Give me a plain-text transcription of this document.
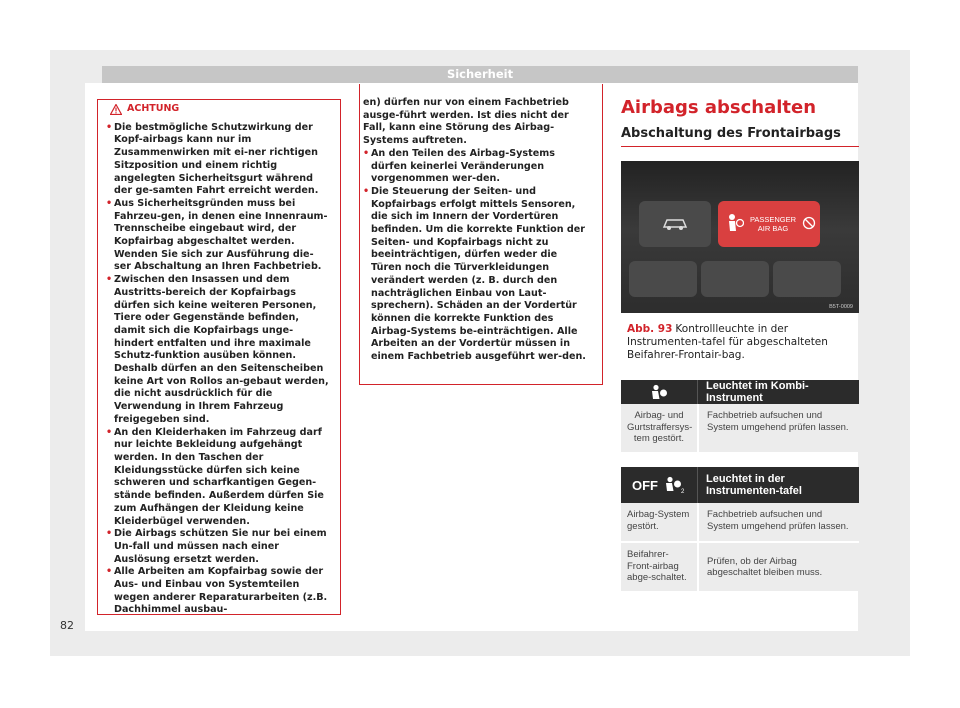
Sicherheit
ACHTUNG
• Die bestmögliche Schutzwirkung der Kopf-airbags kann nur im Zusammenwirken mit ei-ner richtigen Sitzposition und einem richtig angelegten Sicherheitsgurt während der ge-samten Fahrt erreicht werden.
• Aus Sicherheitsgründen muss bei Fahrzeu-gen, in denen eine Innenraum-Trennscheibe eingebaut wird, der Kopfairbag abgeschaltet werden. Wenden Sie sich zur Ausführung die-ser Abschaltung an Ihren Fachbetrieb.
• Zwischen den Insassen und dem Austritts-bereich der Kopfairbags dürfen sich keine weiteren Personen, Tiere oder Gegenstände befinden, damit sich die Kopfairbags unge-hindert entfalten und ihre maximale Schutz-funktion ausüben können. Deshalb dürfen an den Seitenscheiben keine Art von Rollos an-gebaut werden, die nicht ausdrücklich für die Verwendung in Ihrem Fahrzeug freigegeben sind.
• An den Kleiderhaken im Fahrzeug darf nur leichte Bekleidung aufgehängt werden. In den Taschen der Kleidungsstücke dürfen sich keine schweren und scharfkantigen Gegen-stände befinden. Außerdem dürfen Sie zum Aufhängen der Kleidung keine Kleiderbügel verwenden.
• Die Airbags schützen Sie nur bei einem Un-fall und müssen nach einer Auslösung ersetzt werden.
• Alle Arbeiten am Kopfairbag sowie der Aus- und Einbau von Systemteilen wegen anderer Reparaturarbeiten (z.B. Dachhimmel ausbau-
en) dürfen nur von einem Fachbetrieb ausge-führt werden. Ist dies nicht der Fall, kann eine Störung des Airbag-Systems auftreten.
• An den Teilen des Airbag-Systems dürfen keinerlei Veränderungen vorgenommen wer-den.
• Die Steuerung der Seiten- und Kopfairbags erfolgt mittels Sensoren, die sich im Innern der Vordertüren befinden. Um die korrekte Funktion der Seiten- und Kopfairbags nicht zu beeinträchtigen, dürfen weder die Türen noch die Türverkleidungen verändert werden (z. B. durch den nachträglichen Einbau von Laut-sprechern). Schäden an der Vordertür können die korrekte Funktion des Airbag-Systems be-einträchtigen. Alle Arbeiten an der Vordertür müssen in einem Fachbetrieb ausgeführt wer-den.
Airbags abschalten
Abschaltung des Frontairbags
PASSENGER
AIR BAG
B5T-0009
Abb. 93 Kontrollleuchte in der Instrumenten-tafel für abgeschalteten Beifahrer-Frontair-bag.
Leuchtet im Kombi-Instrument
Airbag- und Gurtstraffersys-tem gestört.
Fachbetrieb aufsuchen und System umgehend prüfen lassen.
OFF	2
Leuchtet in der Instrumenten-tafel
Airbag-System gestört.
Fachbetrieb aufsuchen und System umgehend prüfen lassen.
Beifahrer-Front-airbag abge-schaltet.
Prüfen, ob der Airbag abgeschaltet bleiben muss.
82
